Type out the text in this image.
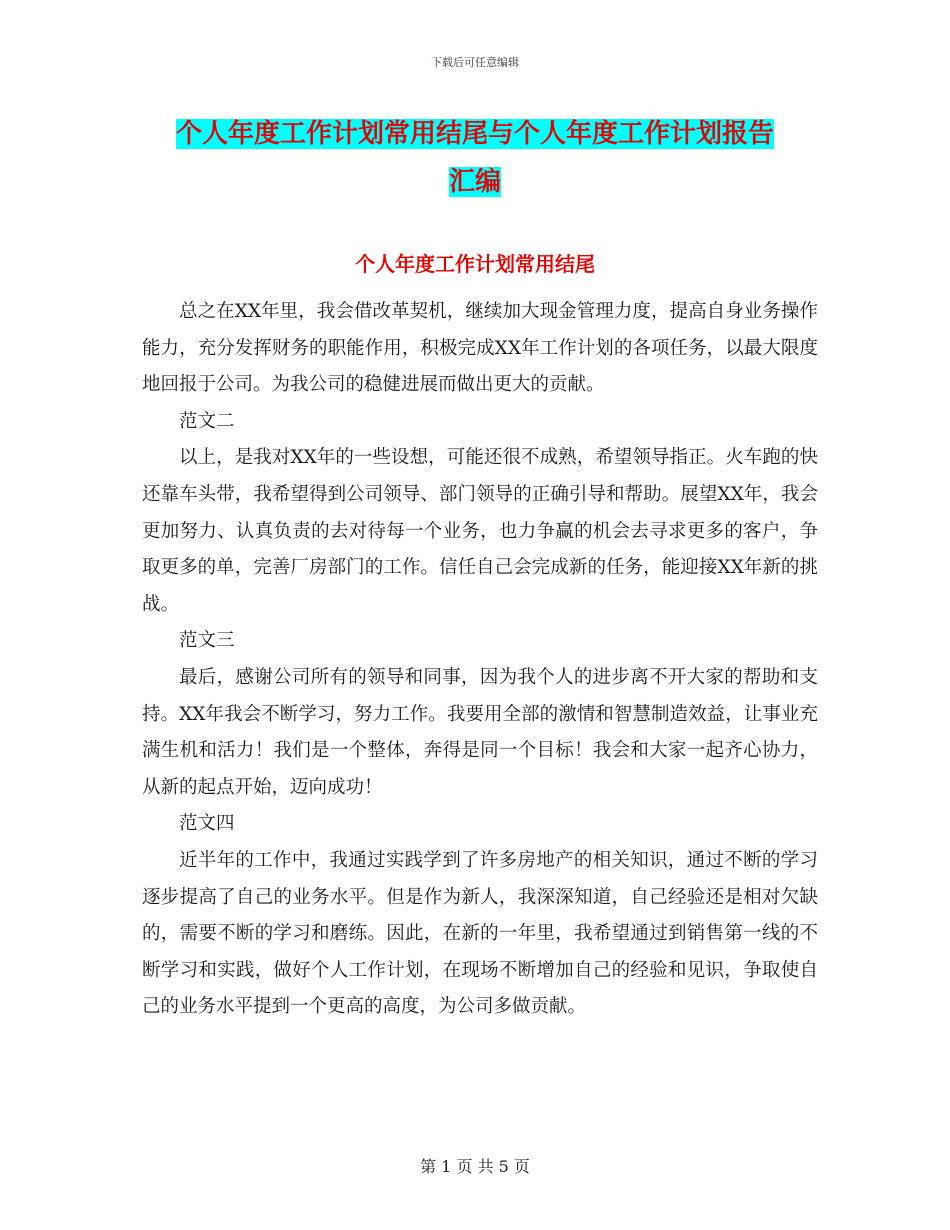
下载后可任意编辑
个人年度工作计划常用结尾与个人年度工作计划报告
汇编
个人年度工作计划常用结尾

总之在XX年里，我会借改革契机，继续加大现金管理力度，提高自身业务操作能力，充分发挥财务的职能作用，积极完成XX年工作计划的各项任务，以最大限度地回报于公司。为我公司的稳健进展而做出更大的贡献。

范文二

以上，是我对XX年的一些设想，可能还很不成熟，希望领导指正。火车跑的快还靠车头带，我希望得到公司领导、部门领导的正确引导和帮助。展望XX年，我会更加努力、认真负责的去对待每一个业务，也力争赢的机会去寻求更多的客户，争取更多的单，完善厂房部门的工作。信任自己会完成新的任务，能迎接XX年新的挑战。

范文三

最后，感谢公司所有的领导和同事，因为我个人的进步离不开大家的帮助和支持。XX年我会不断学习，努力工作。我要用全部的激情和智慧制造效益，让事业充满生机和活力！我们是一个整体，奔得是同一个目标！我会和大家一起齐心协力，从新的起点开始，迈向成功！

范文四

近半年的工作中，我通过实践学到了许多房地产的相关知识，通过不断的学习逐步提高了自己的业务水平。但是作为新人，我深深知道，自己经验还是相对欠缺的，需要不断的学习和磨练。因此，在新的一年里，我希望通过到销售第一线的不断学习和实践，做好个人工作计划，在现场不断增加自己的经验和见识，争取使自己的业务水平提到一个更高的高度，为公司多做贡献。

第 1 页 共 5 页
